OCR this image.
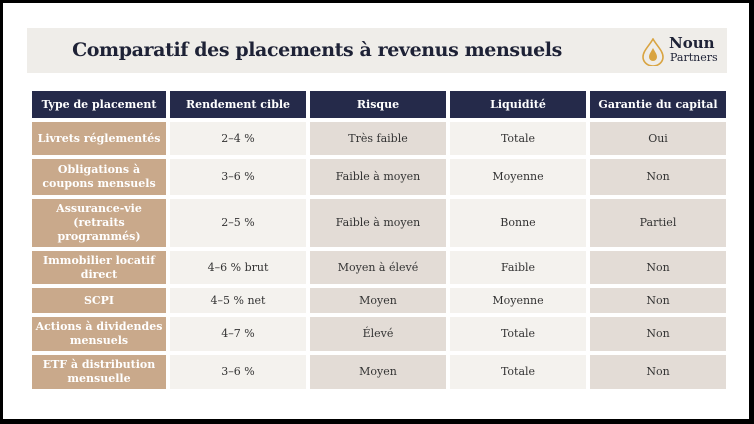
Comparatif des placements à revenus mensuels	Noun
Partners
Type de placement	Rendement cible	Risque	Liquidité	Garantie du capital
Livrets réglementés	2–4 %	Très faible	Totale	Oui
Obligations à coupons mensuels	3–6 %	Faible à moyen	Moyenne	Non
Assurance-vie (retraits programmés)	2–5 %	Faible à moyen	Bonne	Partiel
Immobilier locatif direct	4–6 % brut	Moyen à élevé	Faible	Non
SCPI	4–5 % net	Moyen	Moyenne	Non
Actions à dividendes mensuels	4–7 %	Élevé	Totale	Non
ETF à distribution mensuelle	3–6 %	Moyen	Totale	Non
